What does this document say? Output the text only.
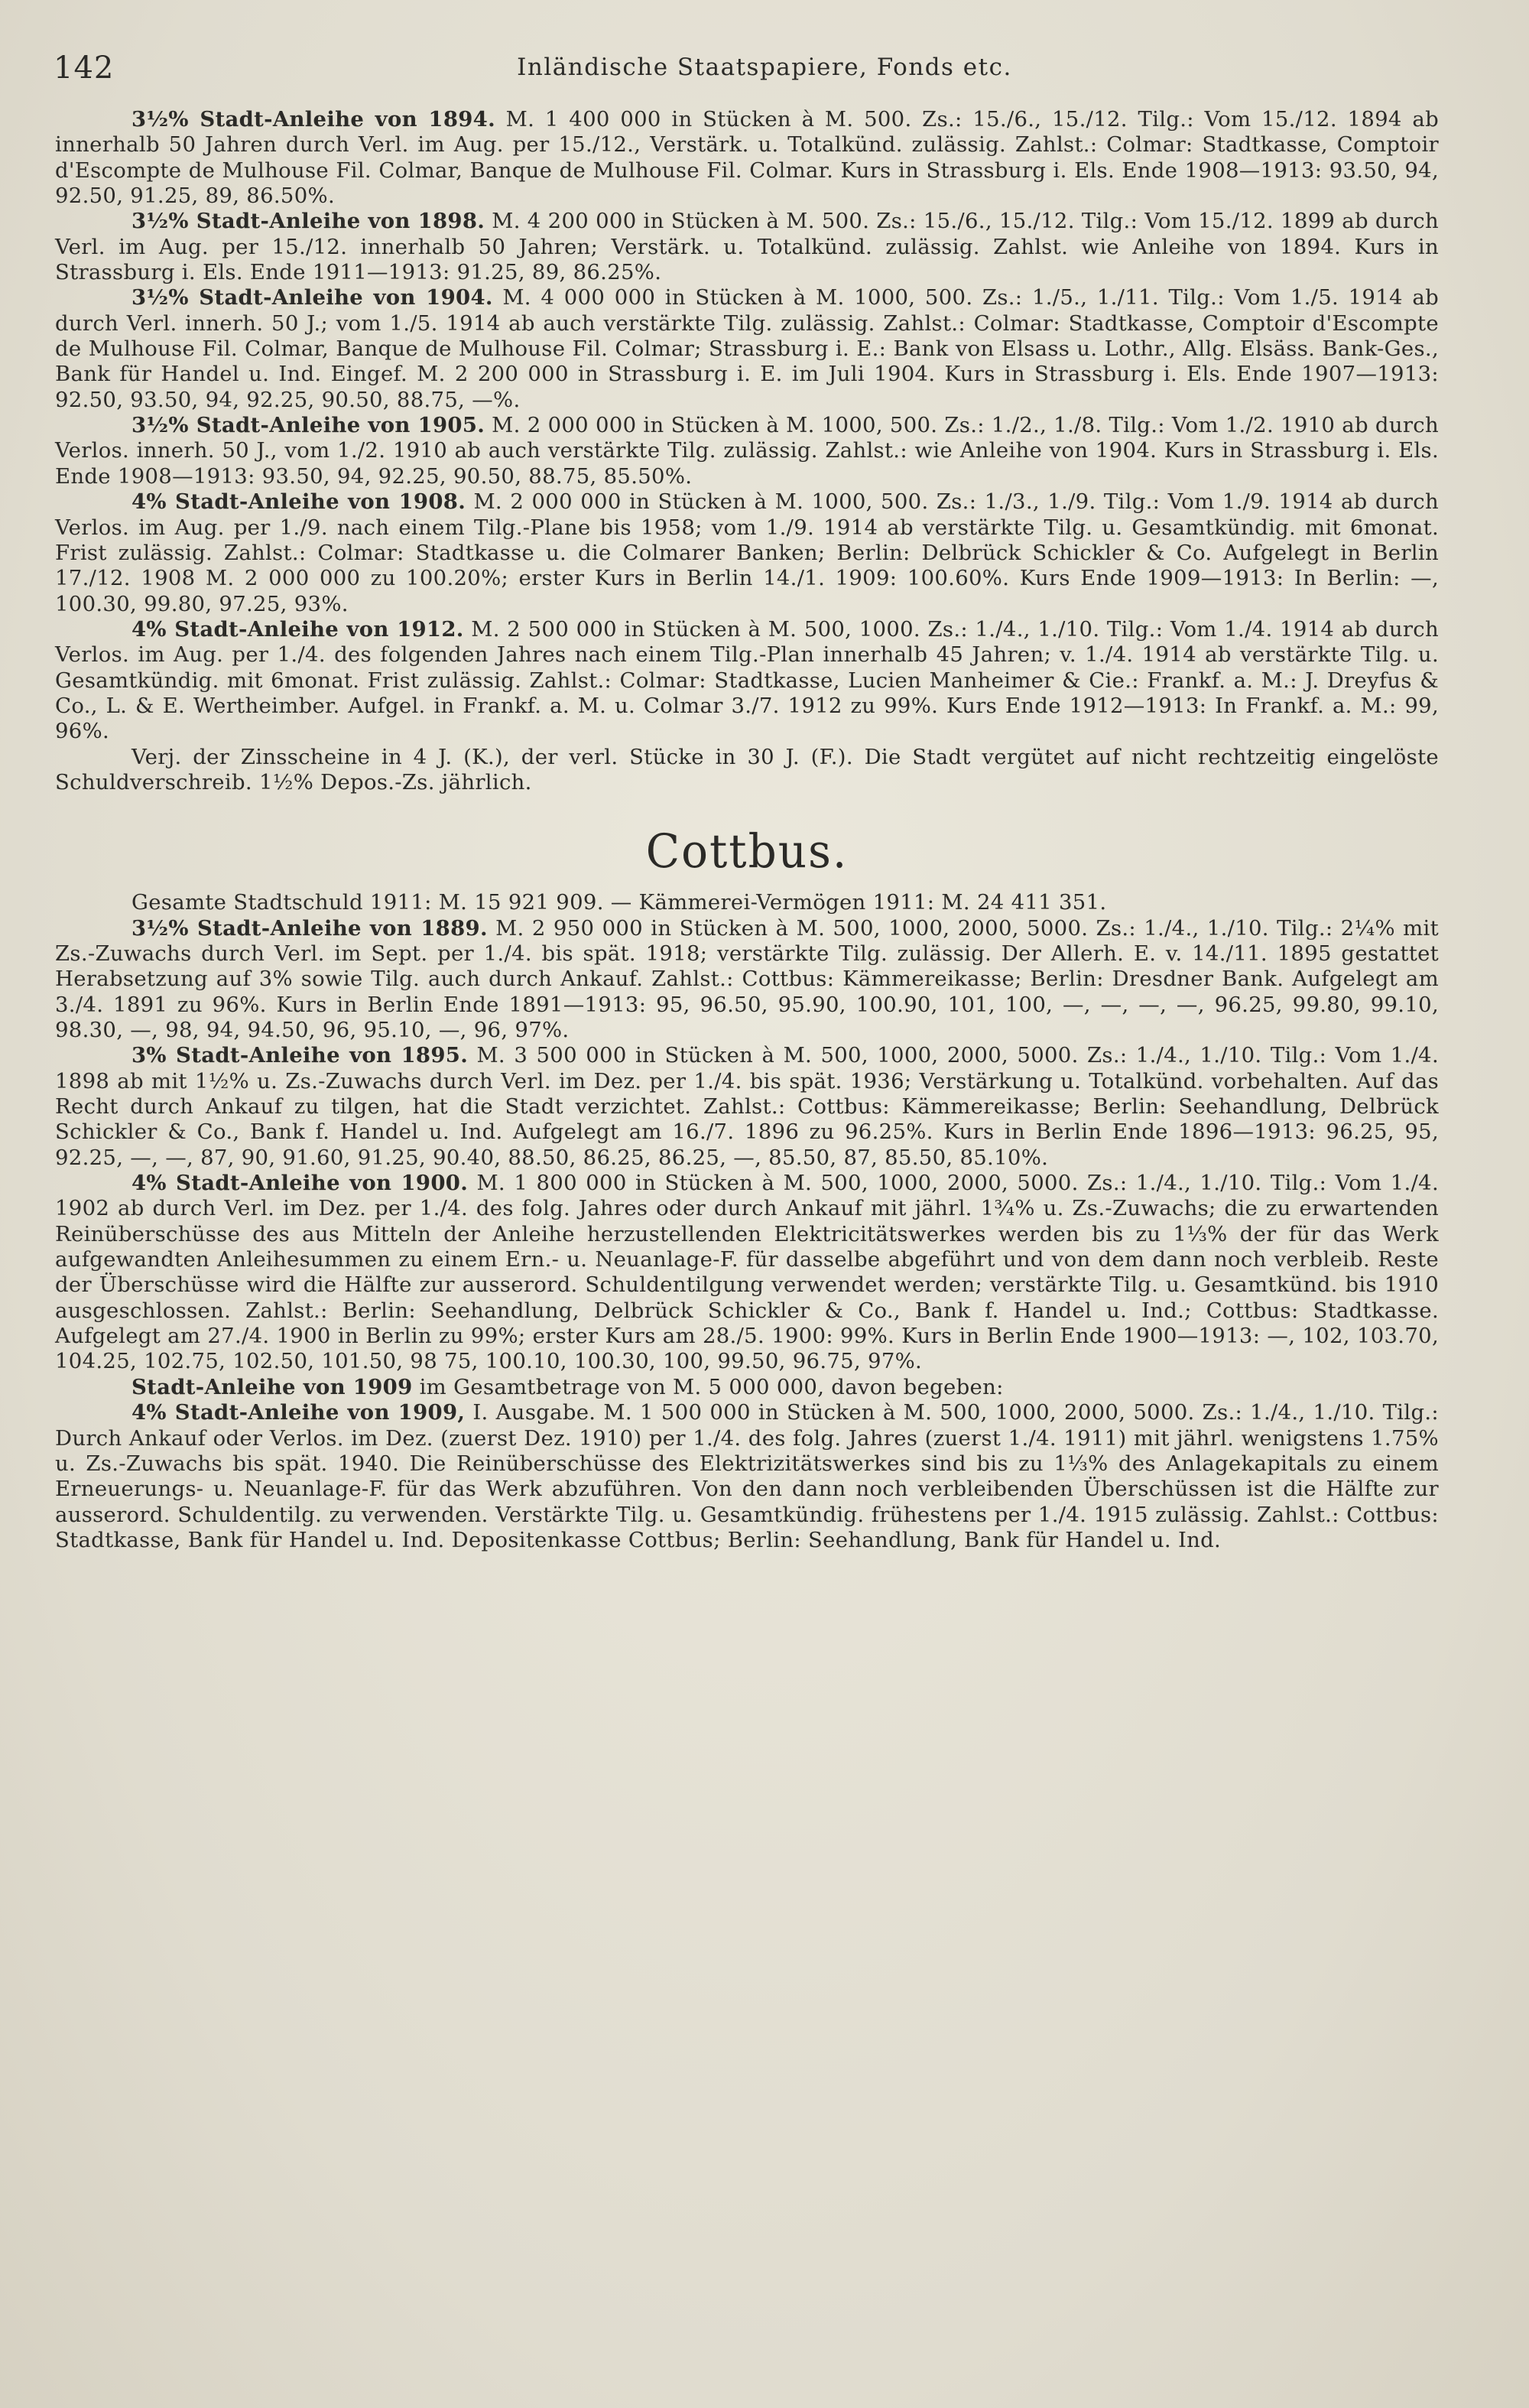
142	Inländische Staatspapiere, Fonds etc.

3½% Stadt-Anleihe von 1894. M. 1 400 000 in Stücken à M. 500. Zs.: 15./6., 15./12. Tilg.: Vom 15./12. 1894 ab innerhalb 50 Jahren durch Verl. im Aug. per 15./12., Verstärk. u. Totalkünd. zulässig. Zahlst.: Colmar: Stadtkasse, Comptoir d'Escompte de Mulhouse Fil. Colmar, Banque de Mulhouse Fil. Colmar. Kurs in Strassburg i. Els. Ende 1908—1913: 93.50, 94, 92.50, 91.25, 89, 86.50%.

3½% Stadt-Anleihe von 1898. M. 4 200 000 in Stücken à M. 500. Zs.: 15./6., 15./12. Tilg.: Vom 15./12. 1899 ab durch Verl. im Aug. per 15./12. innerhalb 50 Jahren; Verstärk. u. Totalkünd. zulässig. Zahlst. wie Anleihe von 1894. Kurs in Strassburg i. Els. Ende 1911—1913: 91.25, 89, 86.25%.

3½% Stadt-Anleihe von 1904. M. 4 000 000 in Stücken à M. 1000, 500. Zs.: 1./5., 1./11. Tilg.: Vom 1./5. 1914 ab durch Verl. innerh. 50 J.; vom 1./5. 1914 ab auch verstärkte Tilg. zulässig. Zahlst.: Colmar: Stadtkasse, Comptoir d'Escompte de Mulhouse Fil. Colmar, Banque de Mulhouse Fil. Colmar; Strassburg i. E.: Bank von Elsass u. Lothr., Allg. Elsäss. Bank-Ges., Bank für Handel u. Ind. Eingef. M. 2 200 000 in Strassburg i. E. im Juli 1904. Kurs in Strassburg i. Els. Ende 1907—1913: 92.50, 93.50, 94, 92.25, 90.50, 88.75, —%.

3½% Stadt-Anleihe von 1905. M. 2 000 000 in Stücken à M. 1000, 500. Zs.: 1./2., 1./8. Tilg.: Vom 1./2. 1910 ab durch Verlos. innerh. 50 J., vom 1./2. 1910 ab auch verstärkte Tilg. zulässig. Zahlst.: wie Anleihe von 1904. Kurs in Strassburg i. Els. Ende 1908—1913: 93.50, 94, 92.25, 90.50, 88.75, 85.50%.

4% Stadt-Anleihe von 1908. M. 2 000 000 in Stücken à M. 1000, 500. Zs.: 1./3., 1./9. Tilg.: Vom 1./9. 1914 ab durch Verlos. im Aug. per 1./9. nach einem Tilg.-Plane bis 1958; vom 1./9. 1914 ab verstärkte Tilg. u. Gesamtkündig. mit 6monat. Frist zulässig. Zahlst.: Colmar: Stadtkasse u. die Colmarer Banken; Berlin: Delbrück Schickler & Co. Aufgelegt in Berlin 17./12. 1908 M. 2 000 000 zu 100.20%; erster Kurs in Berlin 14./1. 1909: 100.60%. Kurs Ende 1909—1913: In Berlin: —, 100.30, 99.80, 97.25, 93%.

4% Stadt-Anleihe von 1912. M. 2 500 000 in Stücken à M. 500, 1000. Zs.: 1./4., 1./10. Tilg.: Vom 1./4. 1914 ab durch Verlos. im Aug. per 1./4. des folgenden Jahres nach einem Tilg.-Plan innerhalb 45 Jahren; v. 1./4. 1914 ab verstärkte Tilg. u. Gesamtkündig. mit 6monat. Frist zulässig. Zahlst.: Colmar: Stadtkasse, Lucien Manheimer & Cie.: Frankf. a. M.: J. Dreyfus & Co., L. & E. Wertheimber. Aufgel. in Frankf. a. M. u. Colmar 3./7. 1912 zu 99%. Kurs Ende 1912—1913: In Frankf. a. M.: 99, 96%.

Verj. der Zinsscheine in 4 J. (K.), der verl. Stücke in 30 J. (F.). Die Stadt vergütet auf nicht rechtzeitig eingelöste Schuldverschreib. 1½% Depos.-Zs. jährlich.

Cottbus.

Gesamte Stadtschuld 1911: M. 15 921 909. — Kämmerei-Vermögen 1911: M. 24 411 351.

3½% Stadt-Anleihe von 1889. M. 2 950 000 in Stücken à M. 500, 1000, 2000, 5000. Zs.: 1./4., 1./10. Tilg.: 2¼% mit Zs.-Zuwachs durch Verl. im Sept. per 1./4. bis spät. 1918; verstärkte Tilg. zulässig. Der Allerh. E. v. 14./11. 1895 gestattet Herabsetzung auf 3% sowie Tilg. auch durch Ankauf. Zahlst.: Cottbus: Kämmereikasse; Berlin: Dresdner Bank. Aufgelegt am 3./4. 1891 zu 96%. Kurs in Berlin Ende 1891—1913: 95, 96.50, 95.90, 100.90, 101, 100, —, —, —, —, 96.25, 99.80, 99.10, 98.30, —, 98, 94, 94.50, 96, 95.10, —, 96, 97%.

3% Stadt-Anleihe von 1895. M. 3 500 000 in Stücken à M. 500, 1000, 2000, 5000. Zs.: 1./4., 1./10. Tilg.: Vom 1./4. 1898 ab mit 1½% u. Zs.-Zuwachs durch Verl. im Dez. per 1./4. bis spät. 1936; Verstärkung u. Totalkünd. vorbehalten. Auf das Recht durch Ankauf zu tilgen, hat die Stadt verzichtet. Zahlst.: Cottbus: Kämmereikasse; Berlin: Seehandlung, Delbrück Schickler & Co., Bank f. Handel u. Ind. Aufgelegt am 16./7. 1896 zu 96.25%. Kurs in Berlin Ende 1896—1913: 96.25, 95, 92.25, —, —, 87, 90, 91.60, 91.25, 90.40, 88.50, 86.25, 86.25, —, 85.50, 87, 85.50, 85.10%.

4% Stadt-Anleihe von 1900. M. 1 800 000 in Stücken à M. 500, 1000, 2000, 5000. Zs.: 1./4., 1./10. Tilg.: Vom 1./4. 1902 ab durch Verl. im Dez. per 1./4. des folg. Jahres oder durch Ankauf mit jährl. 1¾% u. Zs.-Zuwachs; die zu erwartenden Reinüberschüsse des aus Mitteln der Anleihe herzustellenden Elektricitätswerkes werden bis zu 1⅓% der für das Werk aufgewandten Anleihesummen zu einem Ern.- u. Neuanlage-F. für dasselbe abgeführt und von dem dann noch verbleib. Reste der Überschüsse wird die Hälfte zur ausserord. Schuldentilgung verwendet werden; verstärkte Tilg. u. Gesamtkünd. bis 1910 ausgeschlossen. Zahlst.: Berlin: Seehandlung, Delbrück Schickler & Co., Bank f. Handel u. Ind.; Cottbus: Stadtkasse. Aufgelegt am 27./4. 1900 in Berlin zu 99%; erster Kurs am 28./5. 1900: 99%. Kurs in Berlin Ende 1900—1913: —, 102, 103.70, 104.25, 102.75, 102.50, 101.50, 98 75, 100.10, 100.30, 100, 99.50, 96.75, 97%.

Stadt-Anleihe von 1909 im Gesamtbetrage von M. 5 000 000, davon begeben:

4% Stadt-Anleihe von 1909, I. Ausgabe. M. 1 500 000 in Stücken à M. 500, 1000, 2000, 5000. Zs.: 1./4., 1./10. Tilg.: Durch Ankauf oder Verlos. im Dez. (zuerst Dez. 1910) per 1./4. des folg. Jahres (zuerst 1./4. 1911) mit jährl. wenigstens 1.75% u. Zs.-Zuwachs bis spät. 1940. Die Reinüberschüsse des Elektrizitätswerkes sind bis zu 1⅓% des Anlagekapitals zu einem Erneuerungs- u. Neuanlage-F. für das Werk abzuführen. Von den dann noch verbleibenden Überschüssen ist die Hälfte zur ausserord. Schuldentilg. zu verwenden. Verstärkte Tilg. u. Gesamtkündig. frühestens per 1./4. 1915 zulässig. Zahlst.: Cottbus: Stadtkasse, Bank für Handel u. Ind. Depositenkasse Cottbus; Berlin: Seehandlung, Bank für Handel u. Ind.
